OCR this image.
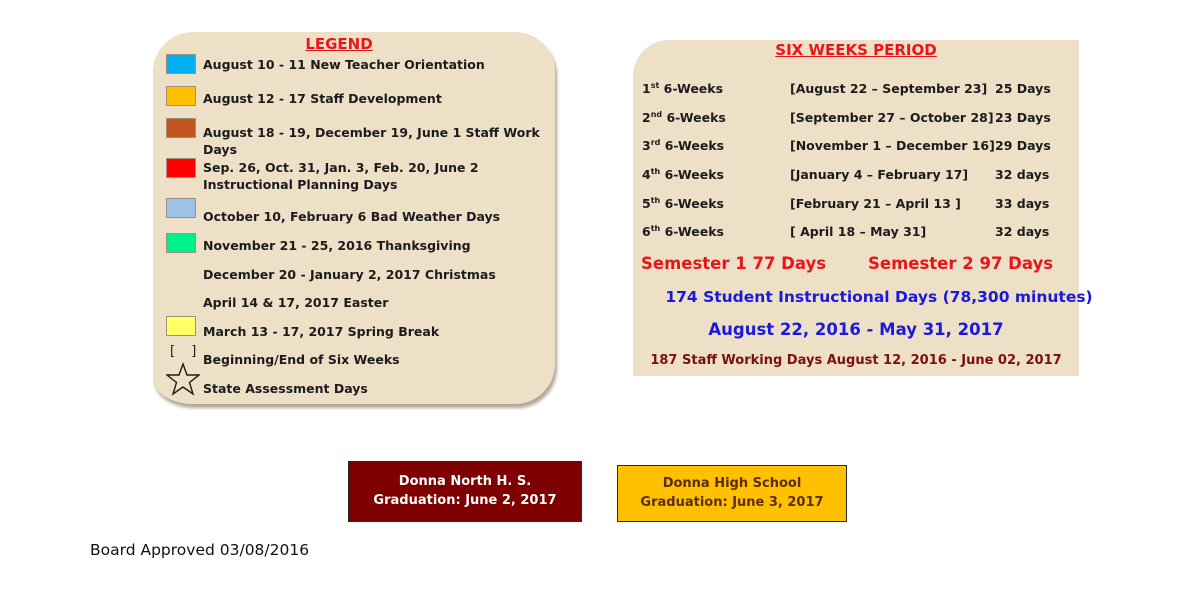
LEGEND
August 10 - 11 New Teacher Orientation
August 12 - 17 Staff Development
August 18 - 19, December 19, June 1 Staff Work Days
Sep. 26, Oct. 31, Jan. 3, Feb. 20, June 2 Instructional Planning Days
October 10, February 6 Bad Weather Days
November 21 - 25, 2016 Thanksgiving
December 20 - January 2, 2017 Christmas
April 14 & 17, 2017 Easter
March 13 - 17, 2017 Spring Break
[ ]
Beginning/End of Six Weeks
State Assessment Days
SIX WEEKS PERIOD
1st 6-Weeks	[August 22 – September 23] 25 Days
2nd 6-Weeks	[September 27 – October 28] 23 Days
3rd 6-Weeks	[November 1 – December 16] 29 Days
4th 6-Weeks	[January 4 – February 17] 32 days
5th 6-Weeks	[February 21 – April 13 ]	33 days
6th 6-Weeks	[ April 18 – May 31]	32 days
Semester 1 77 Days	Semester 2 97 Days
174 Student Instructional Days (78,300 minutes)
August 22, 2016 - May 31, 2017
187 Staff Working Days August 12, 2016 - June 02, 2017
Donna North H. S.
Graduation: June 2, 2017
Donna High School
Graduation: June 3, 2017
Board Approved 03/08/2016
